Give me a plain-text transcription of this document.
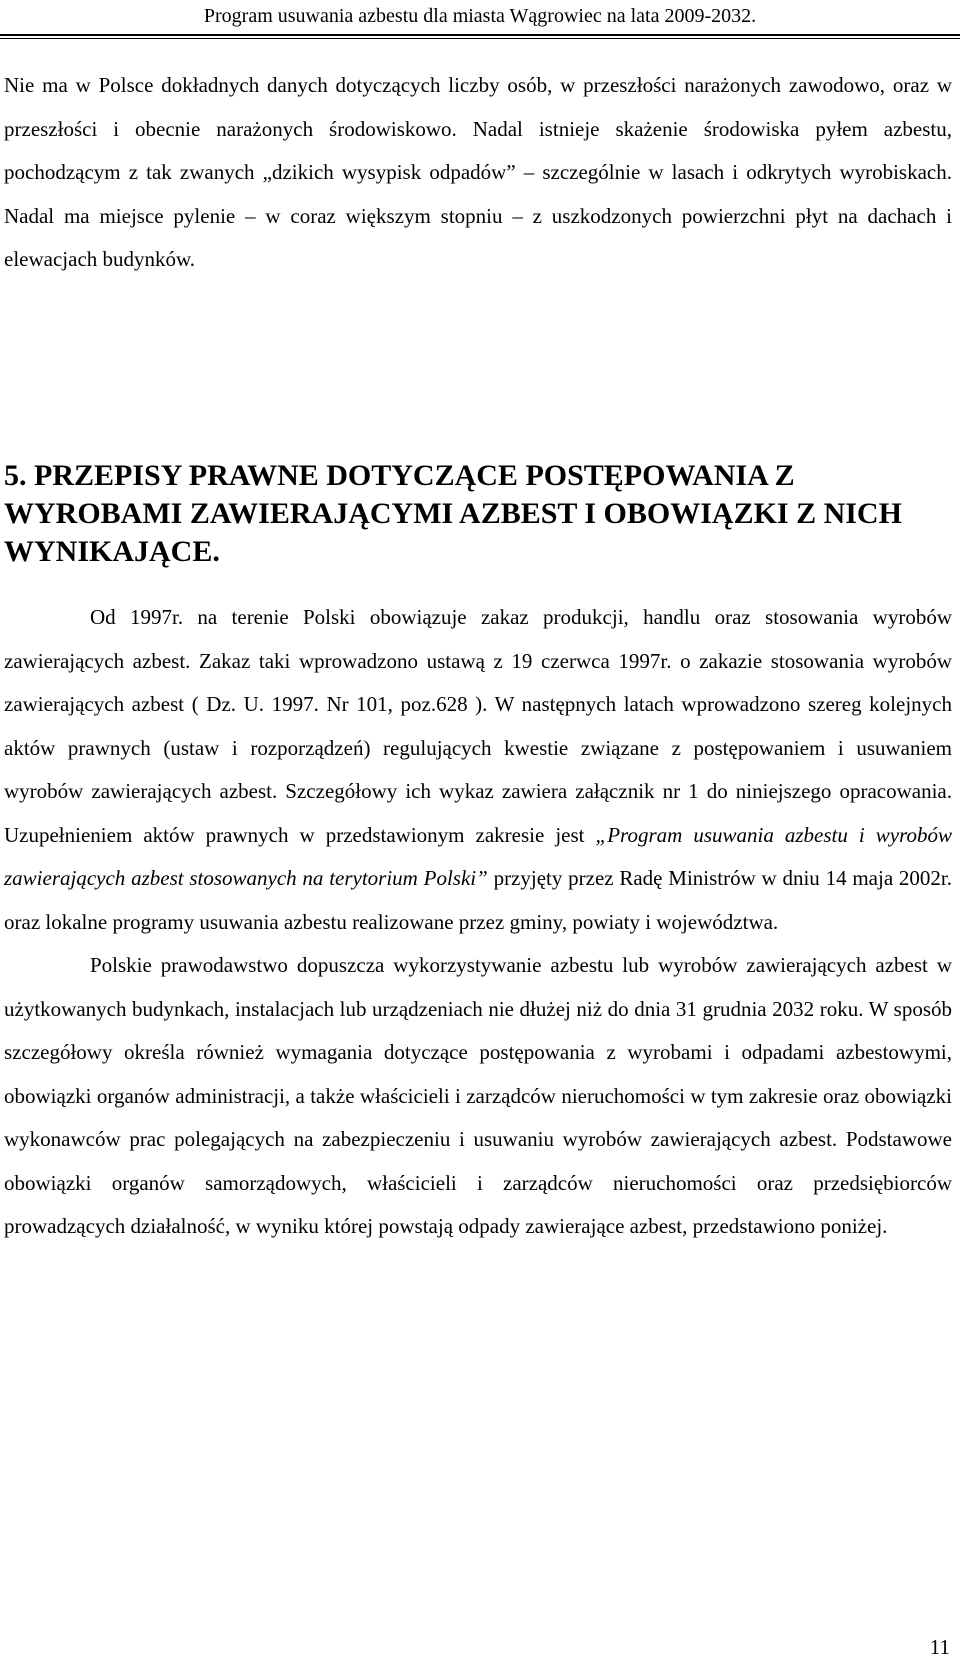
Program usuwania azbestu dla miasta Wągrowiec na lata 2009-2032.

Nie ma w Polsce dokładnych danych dotyczących liczby osób, w przeszłości narażonych zawodowo, oraz w przeszłości i obecnie narażonych środowiskowo. Nadal istnieje skażenie środowiska pyłem azbestu, pochodzącym z tak zwanych „dzikich wysypisk odpadów” – szczególnie w lasach i odkrytych wyrobiskach. Nadal ma miejsce pylenie – w coraz większym stopniu – z uszkodzonych powierzchni płyt na dachach i elewacjach budynków.

5. PRZEPISY PRAWNE DOTYCZĄCE POSTĘPOWANIA Z WYROBAMI ZAWIERAJĄCYMI AZBEST I OBOWIĄZKI Z NICH WYNIKAJĄCE.

Od 1997r. na terenie Polski obowiązuje zakaz produkcji, handlu oraz stosowania wyrobów zawierających azbest. Zakaz taki wprowadzono ustawą z 19 czerwca 1997r. o zakazie stosowania wyrobów zawierających azbest ( Dz. U. 1997. Nr 101, poz.628 ). W następnych latach wprowadzono szereg kolejnych aktów prawnych (ustaw i rozporządzeń) regulujących kwestie związane z postępowaniem i usuwaniem wyrobów zawierających azbest. Szczegółowy ich wykaz zawiera załącznik nr 1 do niniejszego opracowania. Uzupełnieniem aktów prawnych w przedstawionym zakresie jest „Program usuwania azbestu i wyrobów zawierających azbest stosowanych na terytorium Polski” przyjęty przez Radę Ministrów w dniu 14 maja 2002r. oraz lokalne programy usuwania azbestu realizowane przez gminy, powiaty i województwa.

Polskie prawodawstwo dopuszcza wykorzystywanie azbestu lub wyrobów zawierających azbest w użytkowanych budynkach, instalacjach lub urządzeniach nie dłużej niż do dnia 31 grudnia 2032 roku. W sposób szczegółowy określa również wymagania dotyczące postępowania z wyrobami i odpadami azbestowymi, obowiązki organów administracji, a także właścicieli i zarządców nieruchomości w tym zakresie oraz obowiązki wykonawców prac polegających na zabezpieczeniu i usuwaniu wyrobów zawierających azbest. Podstawowe obowiązki organów samorządowych, właścicieli i zarządców nieruchomości oraz przedsiębiorców prowadzących działalność, w wyniku której powstają odpady zawierające azbest, przedstawiono poniżej.

11
